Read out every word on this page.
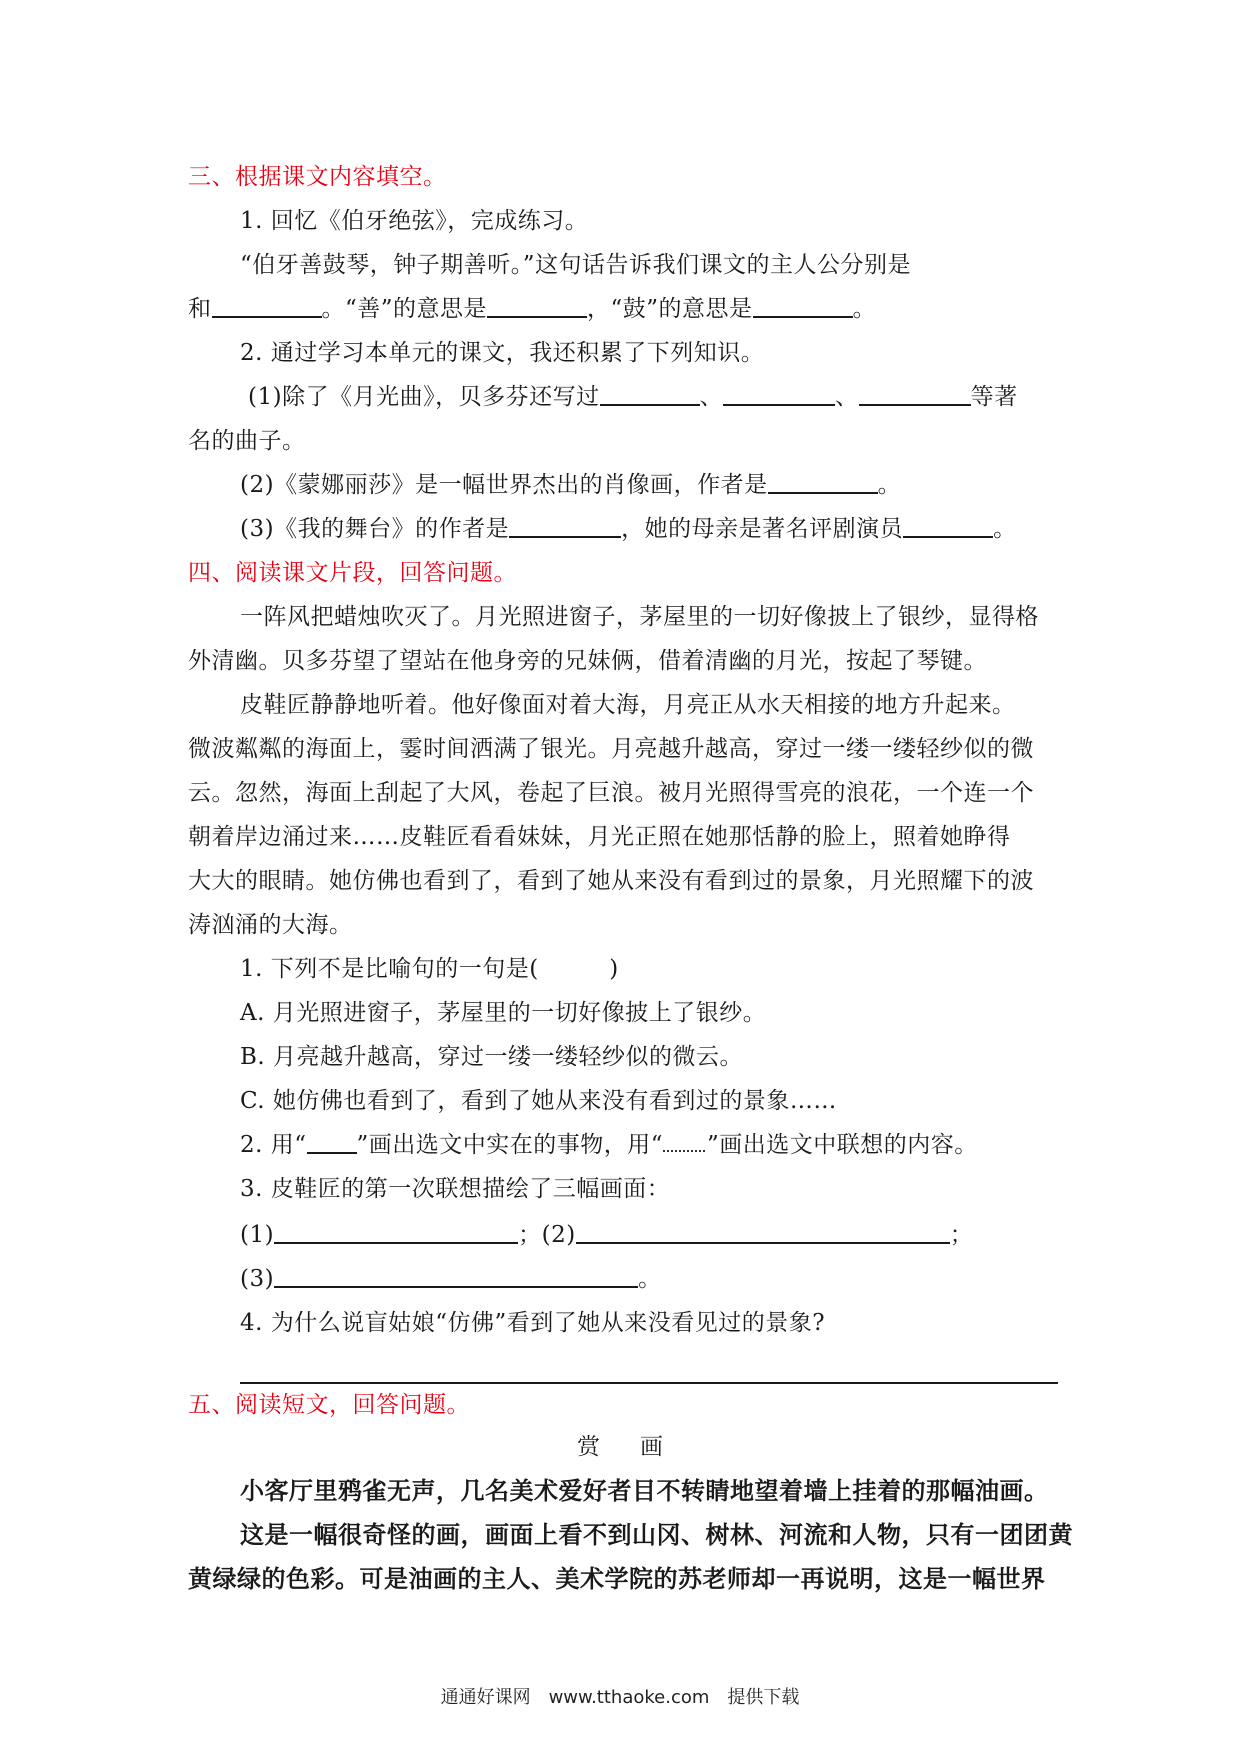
三、根据课文内容填空。
1. 回忆《伯牙绝弦》，完成练习。
“伯牙善鼓琴，钟子期善听。”这句话告诉我们课文的主人公分别是
和	。“善”的意思是	，“鼓”的意思是	。
2. 通过学习本单元的课文，我还积累了下列知识。
(1)除了《月光曲》，贝多芬还写过	、	、	等著
名的曲子。
(2)《蒙娜丽莎》是一幅世界杰出的肖像画，作者是	。
(3)《我的舞台》的作者是	，她的母亲是著名评剧演员	。
四、阅读课文片段，回答问题。
一阵风把蜡烛吹灭了。月光照进窗子，茅屋里的一切好像披上了银纱，显得格
外清幽。贝多芬望了望站在他身旁的兄妹俩，借着清幽的月光，按起了琴键。
皮鞋匠静静地听着。他好像面对着大海，月亮正从水天相接的地方升起来。
微波粼粼的海面上，霎时间洒满了银光。月亮越升越高，穿过一缕一缕轻纱似的微
云。忽然，海面上刮起了大风，卷起了巨浪。被月光照得雪亮的浪花，一个连一个
朝着岸边涌过来……皮鞋匠看看妹妹，月光正照在她那恬静的脸上，照着她睁得
大大的眼睛。她仿佛也看到了，看到了她从来没有看到过的景象，月光照耀下的波
涛汹涌的大海。
1. 下列不是比喻句的一句是(　　　)
A. 月光照进窗子，茅屋里的一切好像披上了银纱。
B. 月亮越升越高，穿过一缕一缕轻纱似的微云。
C. 她仿佛也看到了，看到了她从来没有看到过的景象……
2. 用“ ”画出选文中实在的事物，用“ ”画出选文中联想的内容。
3. 皮鞋匠的第一次联想描绘了三幅画面：
(1)	；(2)	；
(3)	。
4. 为什么说盲姑娘“仿佛”看到了她从来没看见过的景象?
五、阅读短文，回答问题。
赏画
小客厅里鸦雀无声，几名美术爱好者目不转睛地望着墙上挂着的那幅油画。
这是一幅很奇怪的画，画面上看不到山冈、树林、河流和人物，只有一团团黄
黄绿绿的色彩。可是油画的主人、美术学院的苏老师却一再说明，这是一幅世界
通通好课网　www.tthaoke.com　提供下载
